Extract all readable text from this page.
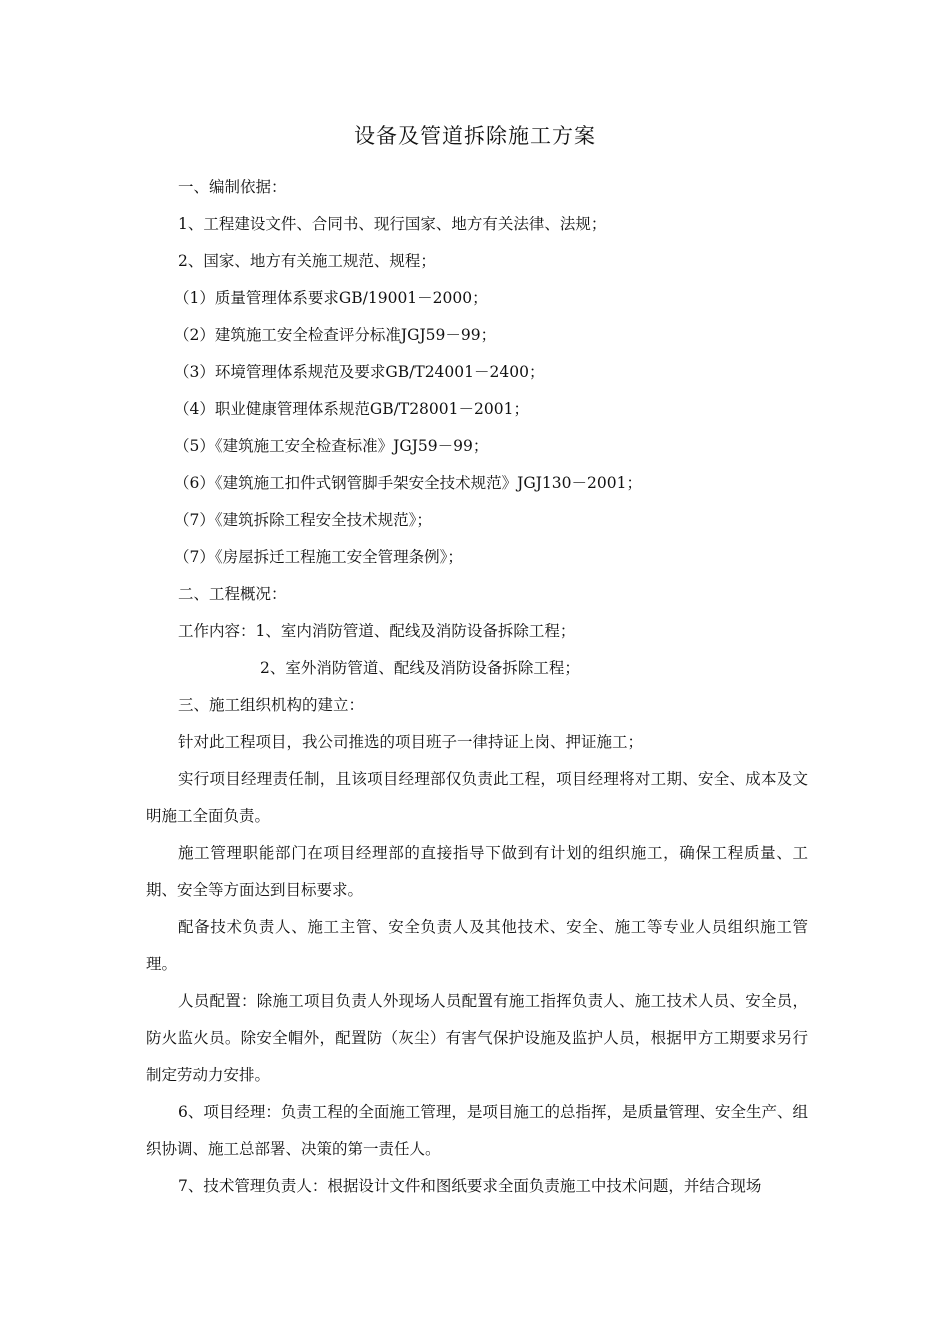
设备及管道拆除施工方案
一、编制依据：
1、工程建设文件、合同书、现行国家、地方有关法律、法规；
2、国家、地方有关施工规范、规程；
（1）质量管理体系要求GB/19001－2000；
（2）建筑施工安全检查评分标准JGJ59－99；
（3）环境管理体系规范及要求GB/T24001－2400；
（4）职业健康管理体系规范GB/T28001－2001；
（5）《建筑施工安全检查标准》JGJ59－99；
（6）《建筑施工扣件式钢管脚手架安全技术规范》JGJ130－2001；
（7）《建筑拆除工程安全技术规范》；
（7）《房屋拆迁工程施工安全管理条例》；
二、工程概况：
工作内容：1、室内消防管道、配线及消防设备拆除工程；
2、室外消防管道、配线及消防设备拆除工程；
三、施工组织机构的建立：
针对此工程项目，我公司推选的项目班子一律持证上岗、押证施工；
实行项目经理责任制，且该项目经理部仅负责此工程，项目经理将对工期、安全、成本及文明施工全面负责。
施工管理职能部门在项目经理部的直接指导下做到有计划的组织施工，确保工程质量、工期、安全等方面达到目标要求。
配备技术负责人、施工主管、安全负责人及其他技术、安全、施工等专业人员组织施工管理。
人员配置：除施工项目负责人外现场人员配置有施工指挥负责人、施工技术人员、安全员，防火监火员。除安全帽外，配置防（灰尘）有害气保护设施及监护人员，根据甲方工期要求另行制定劳动力安排。
6、项目经理：负责工程的全面施工管理，是项目施工的总指挥，是质量管理、安全生产、组织协调、施工总部署、决策的第一责任人。
7、技术管理负责人：根据设计文件和图纸要求全面负责施工中技术问题，并结合现场
